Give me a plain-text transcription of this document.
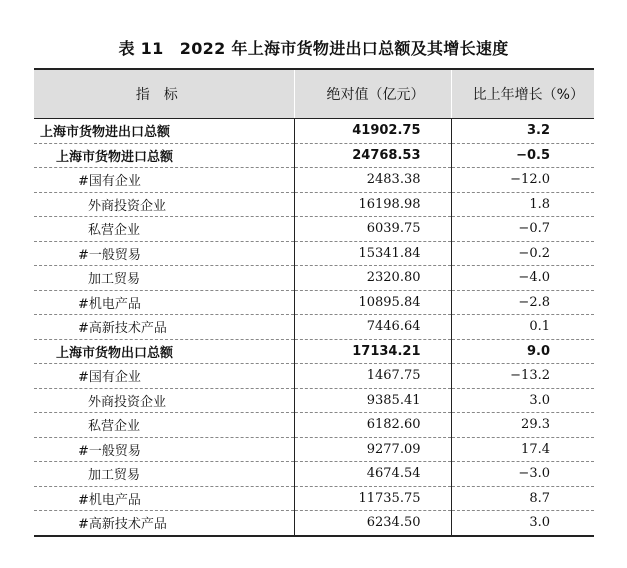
表 11　2022 年上海市货物进出口总额及其增长速度
指标	绝对值（亿元）	比上年增长（%）
上海市货物进出口总额	41902.75	3.2
上海市货物进口总额	24768.53	−0.5
#国有企业	2483.38	−12.0
外商投资企业	16198.98	1.8
私营企业	6039.75	−0.7
#一般贸易	15341.84	−0.2
加工贸易	2320.80	−4.0
#机电产品	10895.84	−2.8
#高新技术产品	7446.64	0.1
上海市货物出口总额	17134.21	9.0
#国有企业	1467.75	−13.2
外商投资企业	9385.41	3.0
私营企业	6182.60	29.3
#一般贸易	9277.09	17.4
加工贸易	4674.54	−3.0
#机电产品	11735.75	8.7
#高新技术产品	6234.50	3.0
